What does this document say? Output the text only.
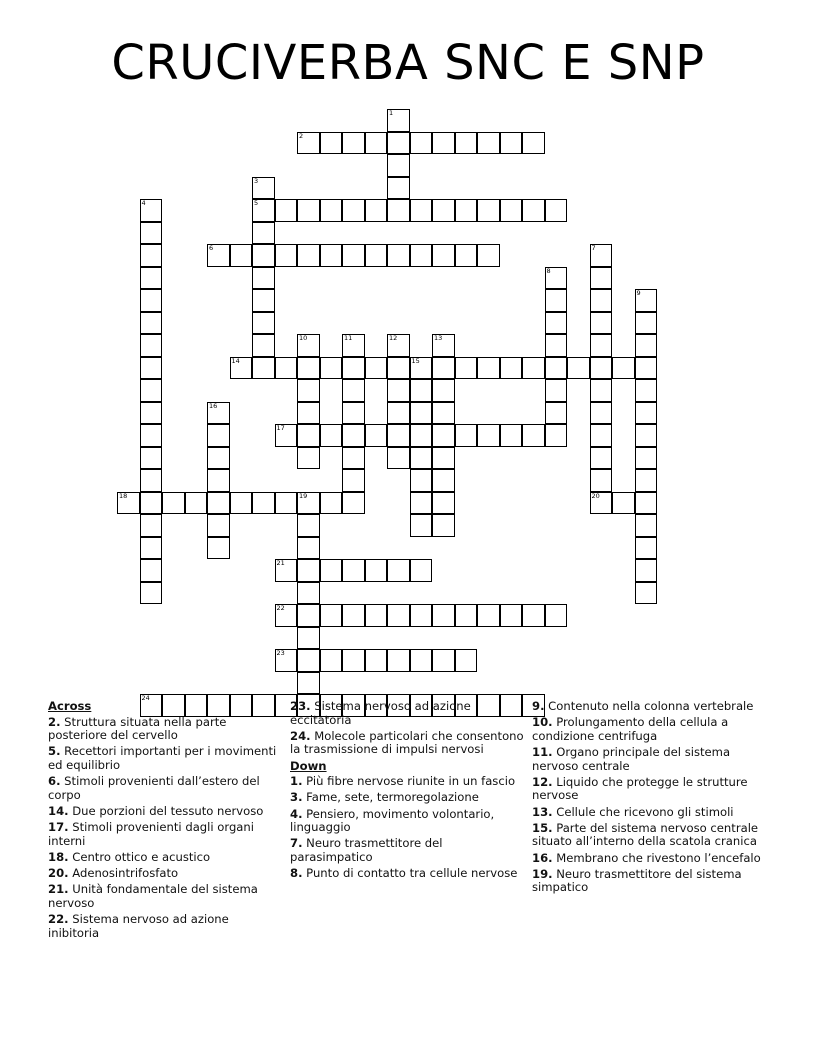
CRUCIVERBA SNC E SNP
2
5
6
14	15
17
18	19	20
21
22
23
24
1
3
4
7
8
9
10	11	12	13
16
Across
2. Struttura situata nella parte posteriore del cervello
5. Recettori importanti per i movimenti ed equilibrio
6. Stimoli provenienti dall’estero del corpo
14. Due porzioni del tessuto nervoso
17. Stimoli provenienti dagli organi interni
18. Centro ottico e acustico
20. Adenosintrifosfato
21. Unità fondamentale del sistema nervoso
22. Sistema nervoso ad azione inibitoria
23. Sistema nervoso ad azione eccitatoria
24. Molecole particolari che consentono la trasmissione di impulsi nervosi
Down
1. Più fibre nervose riunite in un fascio
3. Fame, sete, termoregolazione
4. Pensiero, movimento volontario, linguaggio
7. Neuro trasmettitore del parasimpatico
8. Punto di contatto tra cellule nervose
9. Contenuto nella colonna vertebrale
10. Prolungamento della cellula a condizione centrifuga
11. Organo principale del sistema nervoso centrale
12. Liquido che protegge le strutture nervose
13. Cellule che ricevono gli stimoli
15. Parte del sistema nervoso centrale situato all’interno della scatola cranica
16. Membrano che rivestono l’encefalo
19. Neuro trasmettitore del sistema simpatico
